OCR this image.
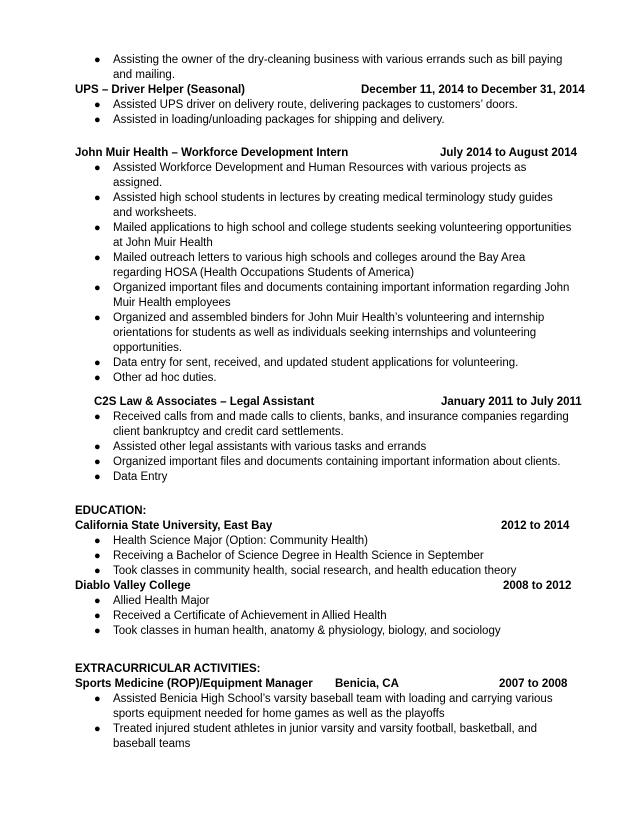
● Assisting the owner of the dry-cleaning business with various errands such as bill paying and mailing.
UPS – Driver Helper (Seasonal)	December 11, 2014 to December 31, 2014
● Assisted UPS driver on delivery route, delivering packages to customers’ doors.
● Assisted in loading/unloading packages for shipping and delivery.
John Muir Health – Workforce Development Intern	July 2014 to August 2014
● Assisted Workforce Development and Human Resources with various projects as assigned.
● Assisted high school students in lectures by creating medical terminology study guides and worksheets.
● Mailed applications to high school and college students seeking volunteering opportunities at John Muir Health
● Mailed outreach letters to various high schools and colleges around the Bay Area regarding HOSA (Health Occupations Students of America)
● Organized important files and documents containing important information regarding John Muir Health employees
● Organized and assembled binders for John Muir Health’s volunteering and internship orientations for students as well as individuals seeking internships and volunteering opportunities.
● Data entry for sent, received, and updated student applications for volunteering.
● Other ad hoc duties.
C2S Law & Associates – Legal Assistant	January 2011 to July 2011
● Received calls from and made calls to clients, banks, and insurance companies regarding client bankruptcy and credit card settlements.
● Assisted other legal assistants with various tasks and errands
● Organized important files and documents containing important information about clients.
● Data Entry
EDUCATION:
California State University, East Bay	2012 to 2014
● Health Science Major (Option: Community Health)
● Receiving a Bachelor of Science Degree in Health Science in September
● Took classes in community health, social research, and health education theory
Diablo Valley College	2008 to 2012
● Allied Health Major
● Received a Certificate of Achievement in Allied Health
● Took classes in human health, anatomy & physiology, biology, and sociology
EXTRACURRICULAR ACTIVITIES:
Sports Medicine (ROP)/Equipment Manager Benicia, CA	2007 to 2008
● Assisted Benicia High School’s varsity baseball team with loading and carrying various sports equipment needed for home games as well as the playoffs
● Treated injured student athletes in junior varsity and varsity football, basketball, and baseball teams
